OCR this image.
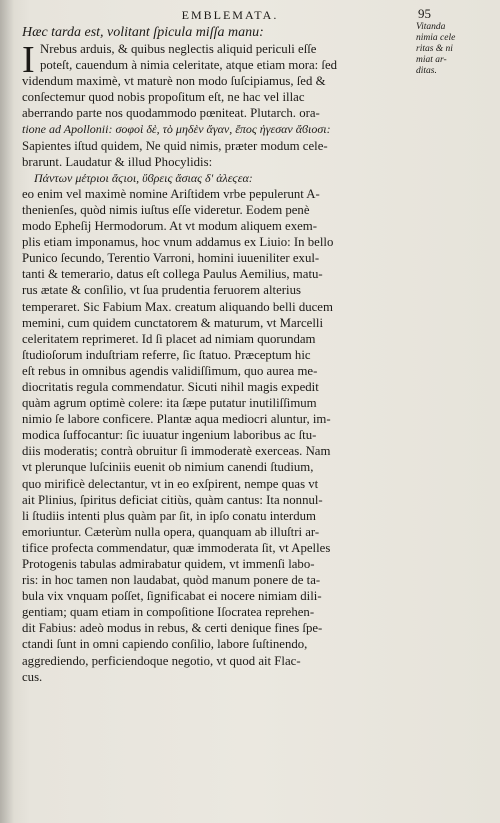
EMBLEMATA.	95
Vitanda
nimia cele
ritas & ni
miat ar-
ditas.
Hæc tarda est, volitant ſpicula miſſa manu:
I Nrebus arduis, & quibus neglectis aliquid periculi eſſe
poteſt, cauendum à nimia celeritate, atque etiam mora: ſed
videndum maximè, vt maturè non modo ſuſcipiamus, ſed &
conſectemur quod nobis propoſitum eſt, ne hac vel illac
aberrando parte nos quodammodo pœniteat. Plutarch. ora-
tione ad Apollonii: σοφοὶ δὲ, τὸ μηδὲν ἄγαν, ἔπος ἠγεσαν ἄϐιοσι:
Sapientes iſtud quidem, Ne quid nimis, præter modum cele-
brarunt. Laudatur & illud Phocylidis:
Πάντων μέτριοι ἄϛιοι, ὕϐρεις ἄσιας δ' ἀλεϛεα:
eo enim vel maximè nomine Ariſtidem vrbe pepulerunt A-
thenienſes, quòd nimis iuſtus eſſe videretur. Eodem penè
modo Epheſij Hermodorum. At vt modum aliquem exem-
plis etiam imponamus, hoc vnum addamus ex Liuio: In bello
Punico ſecundo, Terentio Varroni, homini iuueniliter exul-
tanti & temerario, datus eſt collega Paulus Aemilius, matu-
rus ætate & conſilio, vt ſua prudentia feruorem alterius
temperaret. Sic Fabium Max. creatum aliquando belli ducem
memini, cum quidem cunctatorem & maturum, vt Marcelli
celeritatem reprimeret. Id ſi placet ad nimiam quorundam
ſtudioſorum induſtriam referre, ſic ſtatuo. Præceptum hic
eſt rebus in omnibus agendis validiſſimum, quo aurea me-
diocritatis regula commendatur. Sicuti nihil magis expedit
quàm agrum optimè colere: ita ſæpe putatur inutiliſſimum
nimio ſe labore conficere. Plantæ aqua mediocri aluntur, im-
modica ſuffocantur: ſic iuuatur ingenium laboribus ac ſtu-
diis moderatis; contrà obruitur ſi immoderatè exerceas. Nam
vt plerunque luſciniis euenit ob nimium canendi ſtudium,
quo mirificè delectantur, vt in eo exſpirent, nempe quas vt
ait Plinius, ſpiritus deficiat citiùs, quàm cantus: Ita nonnul-
li ſtudiis intenti plus quàm par ſit, in ipſo conatu interdum
emoriuntur. Cæterùm nulla opera, quanquam ab illuſtri ar-
tifice profecta commendatur, quæ immoderata ſit, vt Apelles
Protogenis tabulas admirabatur quidem, vt immenſi labo-
ris: in hoc tamen non laudabat, quòd manum ponere de ta-
bula vix vnquam poſſet, ſignificabat ei nocere nimiam dili-
gentiam; quam etiam in compoſitione Iſocratea reprehen-
dit Fabius: adeò modus in rebus, & certi denique fines ſpe-
ctandi ſunt in omni capiendo conſilio, labore ſuſtinendo,
aggrediendo, perficiendoque negotio, vt quod ait Flac-
cus.
